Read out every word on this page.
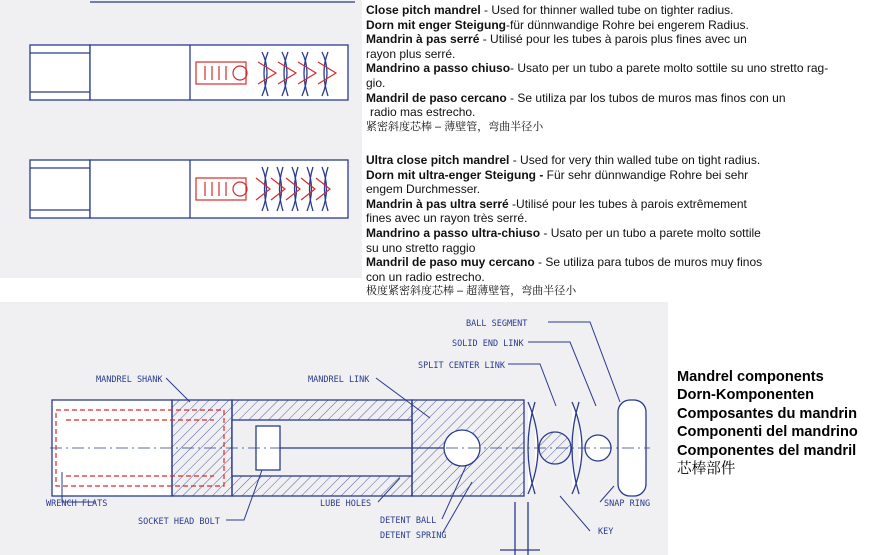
Close pitch mandrel - Used for thinner walled tube on tighter radius.

Dorn mit enger Steigung-für dünnwandige Rohre bei engerem Radius.

Mandrin à pas serré - Utilisé pour les tubes à parois plus fines avec un

rayon plus serré.

Mandrino a passo chiuso- Usato per un tubo a parete molto sottile su uno stretto rag-

gio.

Mandril de paso cercano - Se utiliza par los tubos de muros mas finos con un

radio mas estrecho.

紧密斜度芯棒 – 薄壁管，弯曲半径小

Ultra close pitch mandrel - Used for very thin walled tube on tight radius.

Dorn mit ultra-enger Steigung - Für sehr dünnwandige Rohre bei sehr

engem Durchmesser.

Mandrin à pas ultra serré -Utilisé pour les tubes à parois extrêmement

fines avec un rayon très serré.

Mandrino a passo ultra-chiuso - Usato per un tubo a parete molto sottile

su uno stretto raggio

Mandril de paso muy cercano - Se utiliza para tubos de muros muy finos

con un radio estrecho.

极度紧密斜度芯棒 – 超薄壁管，弯曲半径小

BALL SEGMENT
SOLID END LINK
SPLIT CENTER LINK
MANDREL SHANK	MANDREL LINK
WRENCH FLATS
SOCKET HEAD BOLT
LUBE HOLES
DETENT BALL
DETENT SPRING
SNAP RING
KEY
Mandrel components
Dorn-Komponenten
Composantes du mandrin
Componenti del mandrino
Componentes del mandril
芯棒部件
